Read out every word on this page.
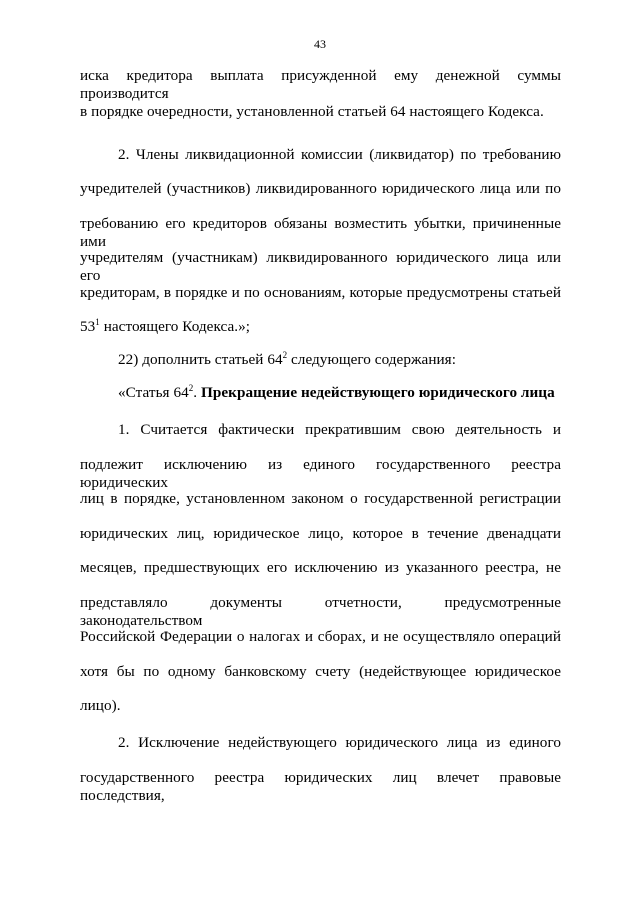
43
иска кредитора выплата присужденной ему денежной суммы производится
в порядке очередности, установленной статьей 64 настоящего Кодекса.
2. Члены ликвидационной комиссии (ликвидатор) по требованию
учредителей (участников) ликвидированного юридического лица или по
требованию его кредиторов обязаны возместить убытки, причиненные ими
учредителям (участникам) ликвидированного юридического лица или его
кредиторам, в порядке и по основаниям, которые предусмотрены статьей
$53^1$ настоящего Кодекса.»;
22) дополнить статьей $64^2$ следующего содержания:
«Статья $64^2$. Прекращение недействующего юридического лица
1. Считается фактически прекратившим свою деятельность и
подлежит исключению из единого государственного реестра юридических
лиц в порядке, установленном законом о государственной регистрации
юридических лиц, юридическое лицо, которое в течение двенадцати
месяцев, предшествующих его исключению из указанного реестра, не
представляло документы отчетности, предусмотренные законодательством
Российской Федерации о налогах и сборах, и не осуществляло операций
хотя бы по одному банковскому счету (недействующее юридическое
лицо).
2. Исключение недействующего юридического лица из единого
государственного реестра юридических лиц влечет правовые последствия,
